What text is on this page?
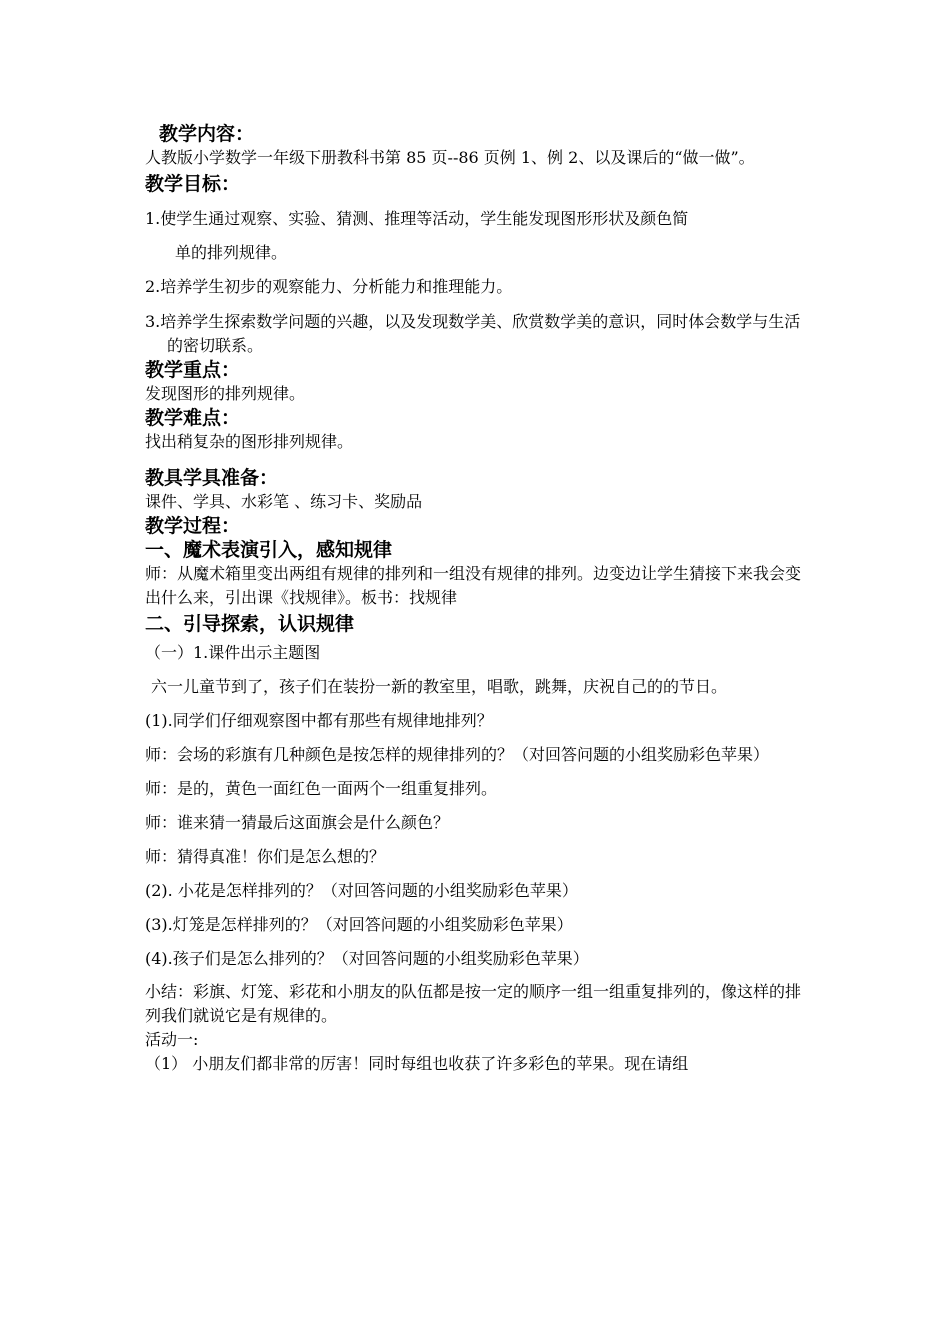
教学内容：

人教版小学数学一年级下册教科书第 85 页--86 页例 1、例 2、以及课后的“做一做”。

教学目标：

1.使学生通过观察、实验、猜测、推理等活动，学生能发现图形形状及颜色简

单的排列规律。

2.培养学生初步的观察能力、分析能力和推理能力。

3.培养学生探索数学问题的兴趣，以及发现数学美、欣赏数学美的意识，同时体会数学与生活的密切联系。

教学重点：

发现图形的排列规律。

教学难点：

找出稍复杂的图形排列规律。

教具学具准备：

课件、学具、水彩笔 、练习卡、奖励品

教学过程：

一、魔术表演引入，感知规律

师：从魔术箱里变出两组有规律的排列和一组没有规律的排列。边变边让学生猜接下来我会变出什么来，引出课《找规律》。板书：找规律

二、引导探索，认识规律

（一）1.课件出示主题图

六一儿童节到了，孩子们在装扮一新的教室里，唱歌，跳舞，庆祝自己的的节日。

(1).同学们仔细观察图中都有那些有规律地排列？

师：会场的彩旗有几种颜色是按怎样的规律排列的？（对回答问题的小组奖励彩色苹果）

师：是的，黄色一面红色一面两个一组重复排列。

师：谁来猜一猜最后这面旗会是什么颜色？

师：猜得真准！你们是怎么想的？

(2). 小花是怎样排列的？（对回答问题的小组奖励彩色苹果）

(3).灯笼是怎样排列的？（对回答问题的小组奖励彩色苹果）

(4).孩子们是怎么排列的？（对回答问题的小组奖励彩色苹果）

小结：彩旗、灯笼、彩花和小朋友的队伍都是按一定的顺序一组一组重复排列的，像这样的排列我们就说它是有规律的。

活动一:

（1） 小朋友们都非常的厉害！同时每组也收获了许多彩色的苹果。现在请组
